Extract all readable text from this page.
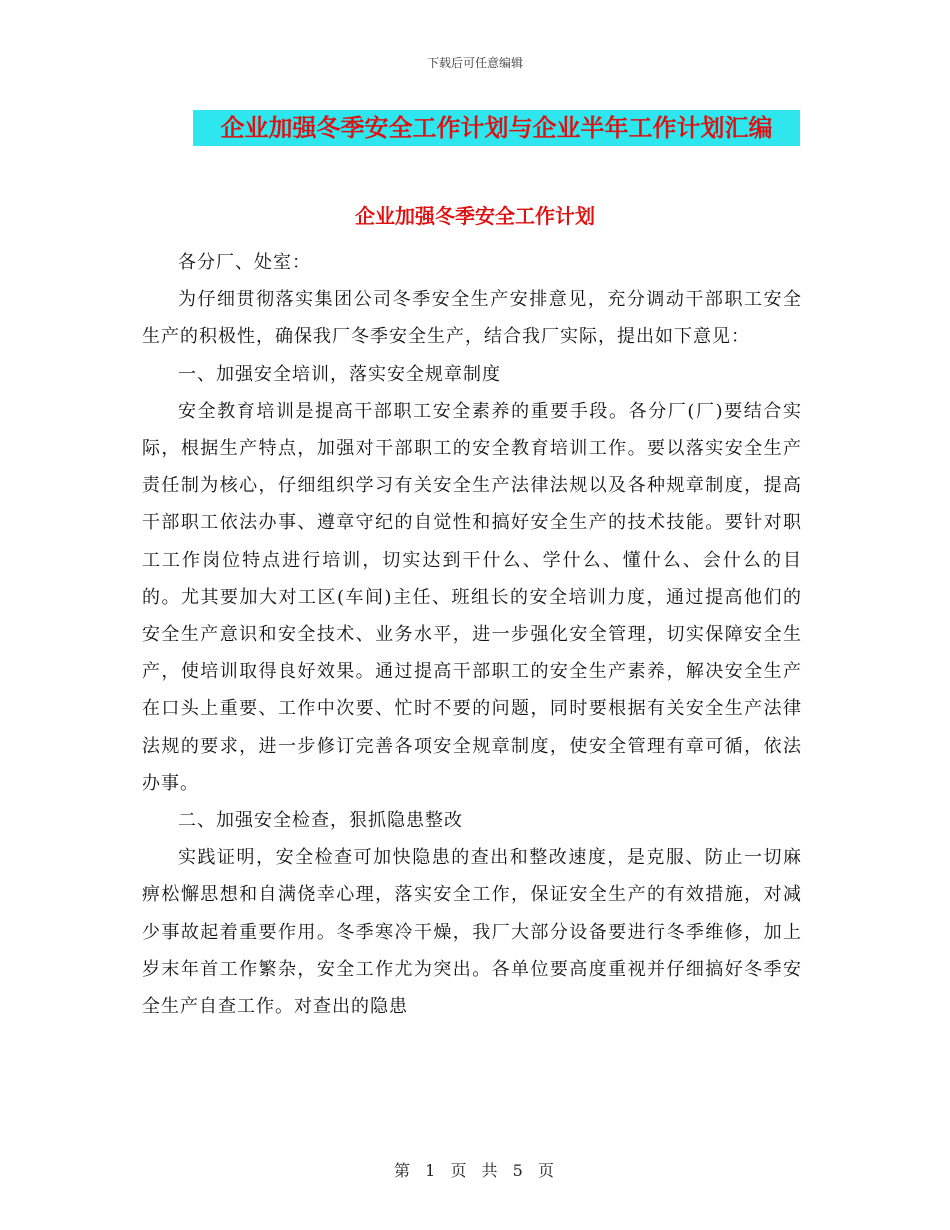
下载后可任意编辑
企业加强冬季安全工作计划与企业半年工作计划汇编
企业加强冬季安全工作计划

各分厂、处室：

为仔细贯彻落实集团公司冬季安全生产安排意见，充分调动干部职工安全生产的积极性，确保我厂冬季安全生产，结合我厂实际，提出如下意见：

一、加强安全培训，落实安全规章制度

安全教育培训是提高干部职工安全素养的重要手段。各分厂(厂)要结合实际，根据生产特点，加强对干部职工的安全教育培训工作。要以落实安全生产责任制为核心，仔细组织学习有关安全生产法律法规以及各种规章制度，提高干部职工依法办事、遵章守纪的自觉性和搞好安全生产的技术技能。要针对职工工作岗位特点进行培训，切实达到干什么、学什么、懂什么、会什么的目的。尤其要加大对工区(车间)主任、班组长的安全培训力度，通过提高他们的安全生产意识和安全技术、业务水平，进一步强化安全管理，切实保障安全生产，使培训取得良好效果。通过提高干部职工的安全生产素养，解决安全生产在口头上重要、工作中次要、忙时不要的问题，同时要根据有关安全生产法律法规的要求，进一步修订完善各项安全规章制度，使安全管理有章可循，依法办事。

二、加强安全检查，狠抓隐患整改

实践证明，安全检查可加快隐患的查出和整改速度，是克服、防止一切麻痹松懈思想和自满侥幸心理，落实安全工作，保证安全生产的有效措施，对减少事故起着重要作用。冬季寒冷干燥，我厂大部分设备要进行冬季维修，加上岁末年首工作繁杂，安全工作尤为突出。各单位要高度重视并仔细搞好冬季安全生产自查工作。对查出的隐患

第 1 页 共 5 页
